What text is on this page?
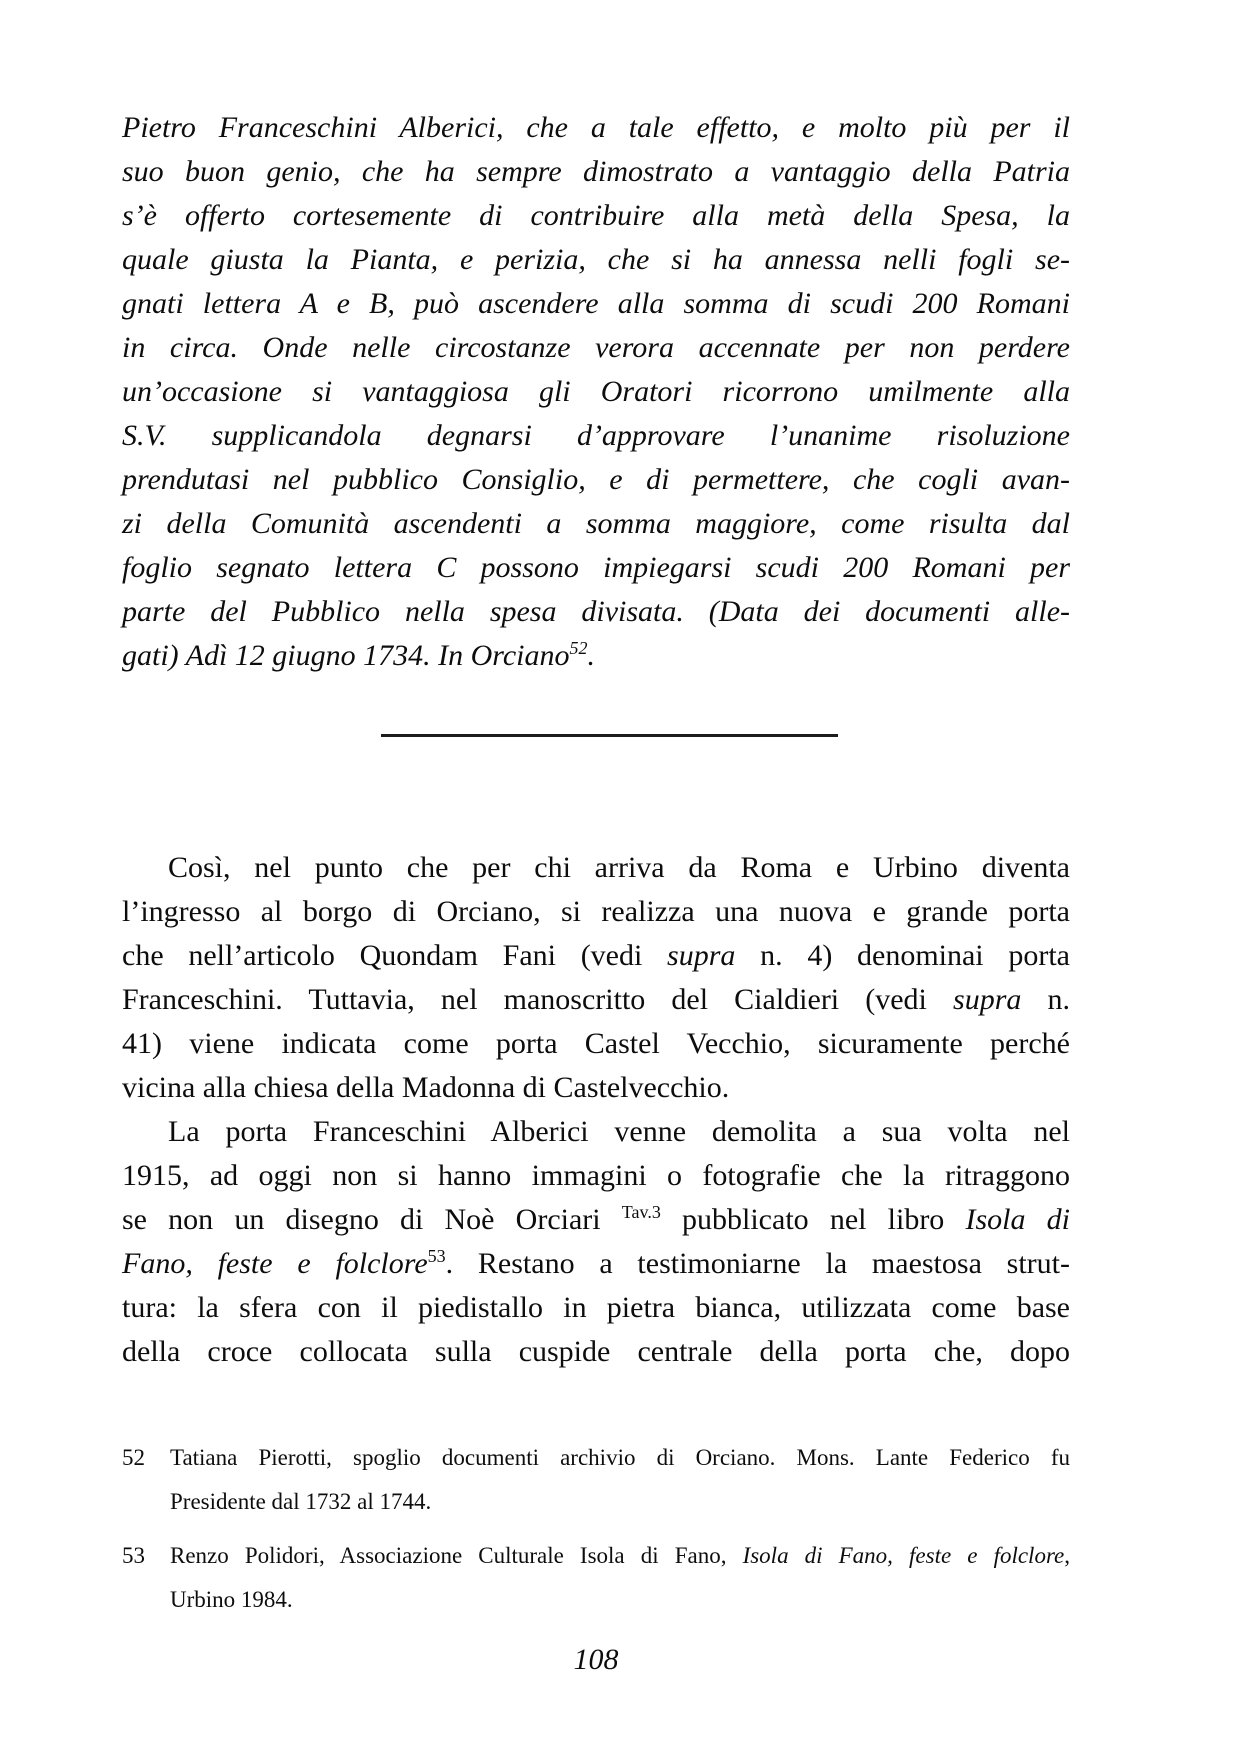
Pietro Franceschini Alberici, che a tale effetto, e molto più per il
suo buon genio, che ha sempre dimostrato a vantaggio della Patria
s’è offerto cortesemente di contribuire alla metà della Spesa, la
quale giusta la Pianta, e perizia, che si ha annessa nelli fogli se-
gnati lettera A e B, può ascendere alla somma di scudi 200 Romani
in circa. Onde nelle circostanze verora accennate per non perdere
un’occasione si vantaggiosa gli Oratori ricorrono umilmente alla
S.V. supplicandola degnarsi d’approvare l’unanime risoluzione
prendutasi nel pubblico Consiglio, e di permettere, che cogli avan-
zi della Comunità ascendenti a somma maggiore, come risulta dal
foglio segnato lettera C possono impiegarsi scudi 200 Romani per
parte del Pubblico nella spesa divisata. (Data dei documenti alle-
gati) Adì 12 giugno 1734. In Orciano$^{52}$.
Così, nel punto che per chi arriva da Roma e Urbino diventa
l’ingresso al borgo di Orciano, si realizza una nuova e grande porta
che nell’articolo Quondam Fani (vedi supra n. 4) denominai porta
Franceschini. Tuttavia, nel manoscritto del Cialdieri (vedi supra n.
41) viene indicata come porta Castel Vecchio, sicuramente perché
vicina alla chiesa della Madonna di Castelvecchio.
La porta Franceschini Alberici venne demolita a sua volta nel
1915, ad oggi non si hanno immagini o fotografie che la ritraggono
se non un disegno di Noè Orciari $^{Tav.3}$ pubblicato nel libro Isola di
Fano, feste e folclore$^{53}$. Restano a testimoniarne la maestosa strut-
tura: la sfera con il piedistallo in pietra bianca, utilizzata come base
della croce collocata sulla cuspide centrale della porta che, dopo
52 Tatiana Pierotti, spoglio documenti archivio di Orciano. Mons. Lante Federico fu
Presidente dal 1732 al 1744.
53 Renzo Polidori, Associazione Culturale Isola di Fano, Isola di Fano, feste e folclore,
Urbino 1984.
108
